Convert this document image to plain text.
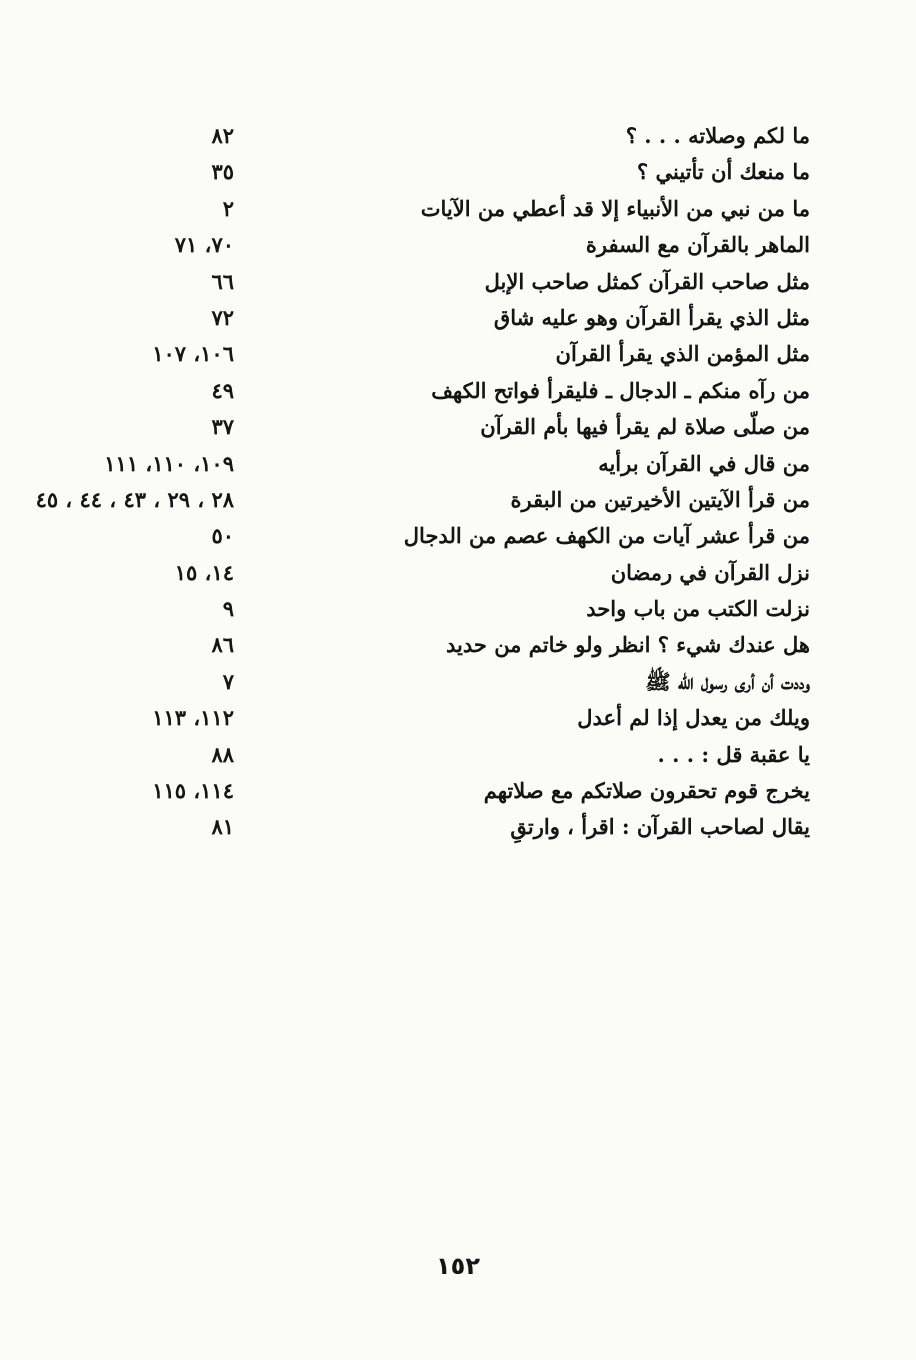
ما لكم وصلاته . . . ؟
٨٢
ما منعك أن تأتيني ؟
٣٥
ما من نبي من الأنبياء إلا قد أعطي من الآيات
٢
الماهر بالقرآن مع السفرة
٧٠، ٧١
مثل صاحب القرآن كمثل صاحب الإبل
٦٦
مثل الذي يقرأ القرآن وهو عليه شاق
٧٢
مثل المؤمن الذي يقرأ القرآن
١٠٦، ١٠٧
من رآه منكم ـ الدجال ـ فليقرأ فواتح الكهف
٤٩
من صلّى صلاة لم يقرأ فيها بأم القرآن
٣٧
من قال في القرآن برأيه
١٠٩، ١١٠، ١١١
من قرأ الآيتين الأخيرتين من البقرة
٢٨ ، ٢٩ ، ٤٣ ، ٤٤ ، ٤٥
من قرأ عشر آيات من الكهف عصم من الدجال
٥٠
نزل القرآن في رمضان
١٤، ١٥
نزلت الكتب من باب واحد
٩
هل عندك شيء ؟ انظر ولو خاتم من حديد
٨٦
وددت أن أرى رسول الله ﷺ
٧
ويلك من يعدل إذا لم أعدل
١١٢، ١١٣
يا عقبة قل : . . .
٨٨
يخرج قوم تحقرون صلاتكم مع صلاتهم
١١٤، ١١٥
يقال لصاحب القرآن : اقرأ ، وارتقِ
٨١
١٥٢
